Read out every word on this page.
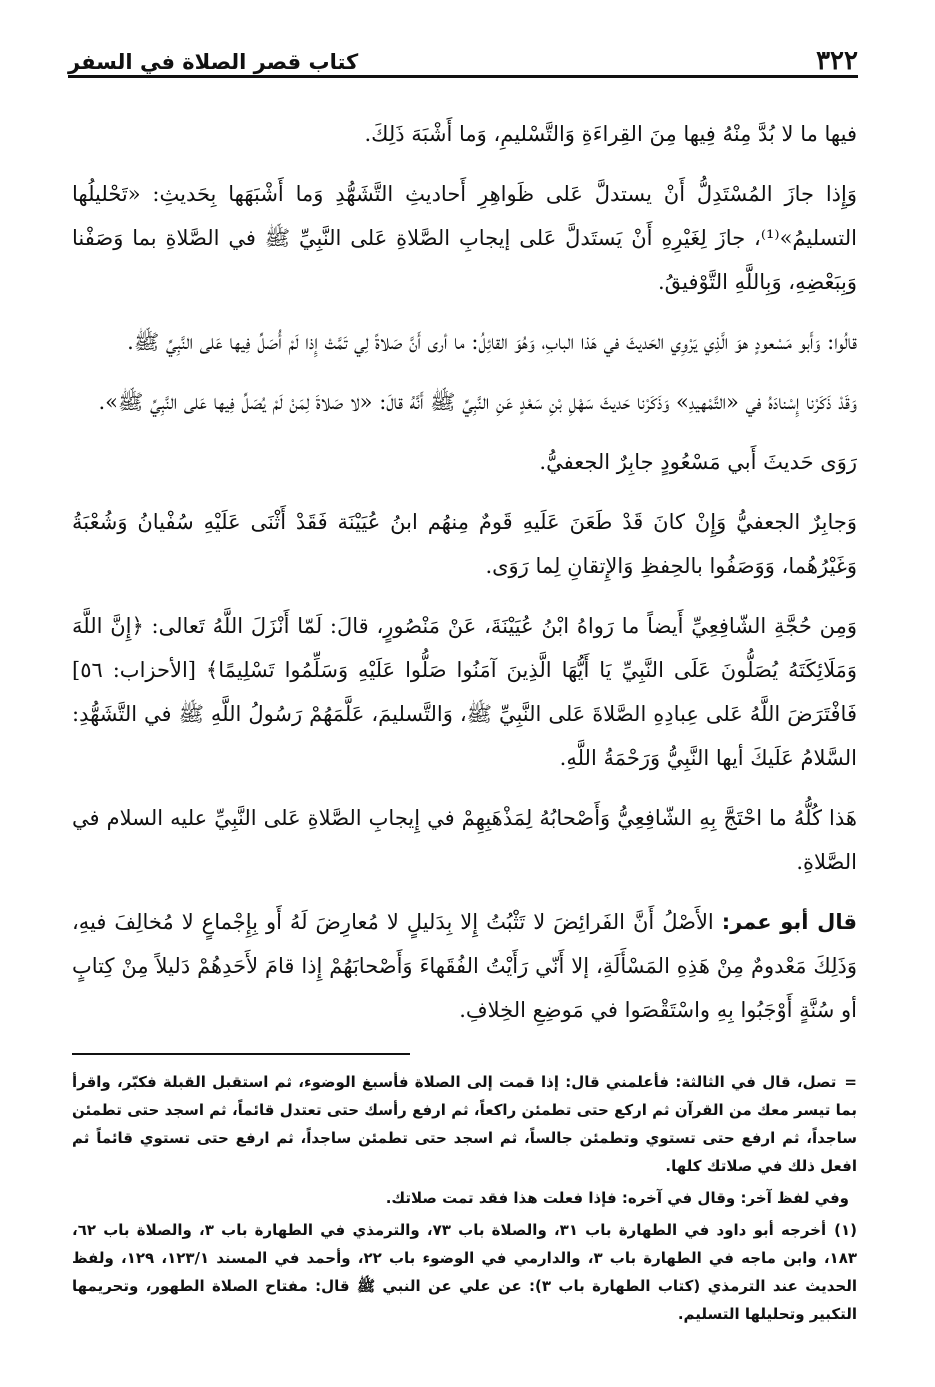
٣٢٢
كتاب قصر الصلاة في السفر

فيها ما لا بُدَّ مِنْهُ فِيها مِنَ القِراءَةِ وَالتَّسْليمِ، وَما أَشْبَهَ ذَلِكَ.

وَإِذا جازَ المُسْتَدِلُّ أَنْ يستدلَّ عَلى ظَواهِرِ أَحاديثِ التَّشَهُّدِ وَما أَشْبَهَها بِحَديثِ: «تَحْليلُها التسليمُ»⁽¹⁾، جازَ لِغَيْرِهِ أَنْ يَستَدلَّ عَلى إيجابِ الصَّلاةِ عَلى النَّبِيِّ ﷺ في الصَّلاةِ بما وَصَفْنا وَبِبَعْضِهِ، وَبِاللَّهِ التَّوْفيقُ.

قالُوا: وَأَبو مَسْعودٍ هوَ الَّذِي يَرْوِي الحَديثَ في هَذا البابِ، وَهُوَ القائِلُ: ما أرى أَنَّ صَلاةً لِي تَمَّتْ إِذا لَمْ أُصَلِّ فِيها عَلى النَّبِيِّ ﷺ.

وَقَدْ ذَكَرْنا إِسْنادَهُ في «التَّمْهيدِ» وَذَكَرْنا حَديثَ سَهْلِ بْنِ سَعْدٍ عَنِ النَّبِيِّ ﷺ أَنَّهُ قالَ: «لا صَلاةَ لِمَنْ لَمْ يُصَلِّ فِيها عَلى النَّبِيِّ ﷺ».

رَوَى حَديثَ أَبي مَسْعُودٍ جابِرٌ الجعفيُّ.

وَجابِرٌ الجعفيُّ وَإِنْ كانَ قَدْ طَعَنَ عَلَيهِ قَومٌ مِنهُم ابنُ عُيَيْنَة فَقَدْ أَثْنَى عَلَيْهِ سُفْيانُ وَشُعْبَةُ وَغَيْرُهُما، وَوَصَفُوا بالحِفظِ وَالإِتقانِ لِما رَوَى.

وَمِن حُجَّةِ الشّافِعِيِّ أَيضاً ما رَواهُ ابْنُ عُيَيْنَةَ، عَنْ مَنْصُورٍ، قالَ: لَمّا أَنْزَلَ اللَّهُ تَعالى: ﴿إِنَّ اللَّهَ وَمَلَائِكَتَهُ يُصَلُّونَ عَلَى النَّبِيِّ يَا أَيُّهَا الَّذِينَ آمَنُوا صَلُّوا عَلَيْهِ وَسَلِّمُوا تَسْلِيمًا﴾ [الأحزاب: ٥٦] فَافْتَرَضَ اللَّهُ عَلى عِبادِهِ الصَّلاةَ عَلى النَّبِيِّ ﷺ، وَالتَّسليمَ، عَلَّمَهُمْ رَسُولُ اللَّهِ ﷺ في التَّشَهُّدِ: السَّلامُ عَلَيكَ أيها النَّبِيُّ وَرَحْمَةُ اللَّهِ.

هَذا كُلُّهُ ما احْتَجَّ بِهِ الشّافِعِيُّ وَأَصْحابُهُ لِمَذْهَبِهِمْ في إِيجابِ الصَّلاةِ عَلى النَّبِيِّ عليه السلام في الصَّلاةِ.

قال أبو عمر: الأَصْلُ أَنَّ الفَرائِضَ لا تَثْبُتُ إِلا بِدَليلٍ لا مُعارِضَ لَهُ أَو بِإِجْماعٍ لا مُخالِفَ فيهِ، وَذَلِكَ مَعْدومٌ مِنْ هَذِهِ المَسْأَلَةِ، إلا أَنّي رَأَيْتُ الفُقَهاءَ وَأَصْحابَهُمْ إِذا قامَ لأَحَدِهُمْ دَليلاً مِنْ كِتابٍ أو سُنَّةٍ أَوْجَبُوا بِهِ واسْتَقْصَوا في مَوضِعِ الخِلافِ.

=تصل، قال في الثالثة: فأعلمني قال: إذا قمت إلى الصلاة فأسبغ الوضوء، ثم استقبل القبلة فكبّر، واقرأ بما تيسر معك من القرآن ثم اركع حتى تطمئن راكعاً، ثم ارفع رأسك حتى تعتدل قائماً، ثم اسجد حتى تطمئن ساجداً، ثم ارفع حتى تستوي وتطمئن جالساً، ثم اسجد حتى تطمئن ساجداً، ثم ارفع حتى تستوي قائماً ثم افعل ذلك في صلاتك كلها.

وفي لفظ آخر: وقال في آخره: فإذا فعلت هذا فقد تمت صلاتك.

(١)أخرجه أبو داود في الطهارة باب ٣١، والصلاة باب ٧٣، والترمذي في الطهارة باب ٣، والصلاة باب ٦٢، ١٨٣، وابن ماجه في الطهارة باب ٣، والدارمي في الوضوء باب ٢٢، وأحمد في المسند ١٢٣/١، ١٢٩، ولفظ الحديث عند الترمذي (كتاب الطهارة باب ٣): عن علي عن النبي ﷺ قال: مفتاح الصلاة الطهور، وتحريمها التكبير وتحليلها التسليم.
